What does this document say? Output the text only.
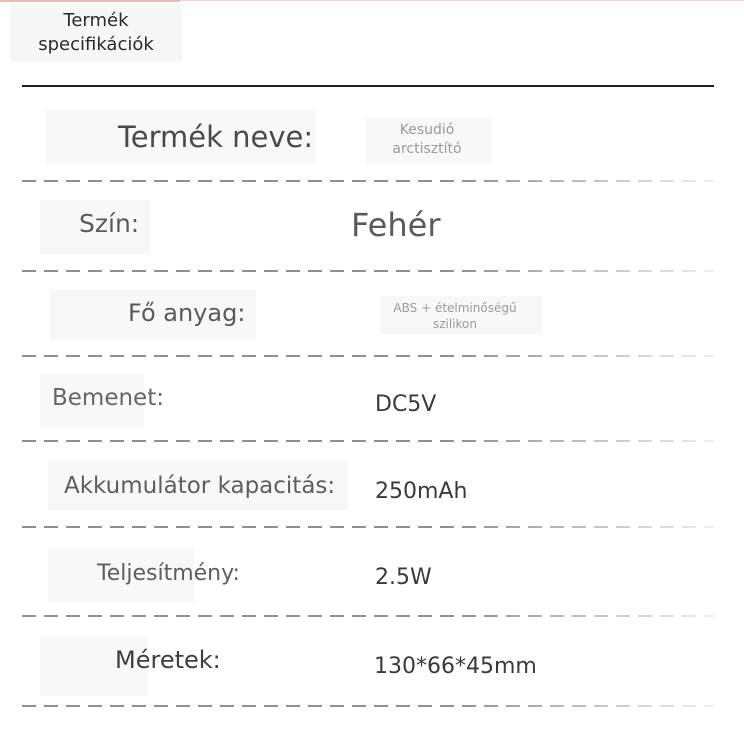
Termék
specifikációk
Termék neve:	Kesudió
arctisztító
Szín:	Fehér
Fő anyag:	ABS + ételminőségű
szilikon
Bemenet:	DC5V
Akkumulátor kapacitás: 250mAh
Teljesítmény:	2.5W
Méretek:	130*66*45mm
